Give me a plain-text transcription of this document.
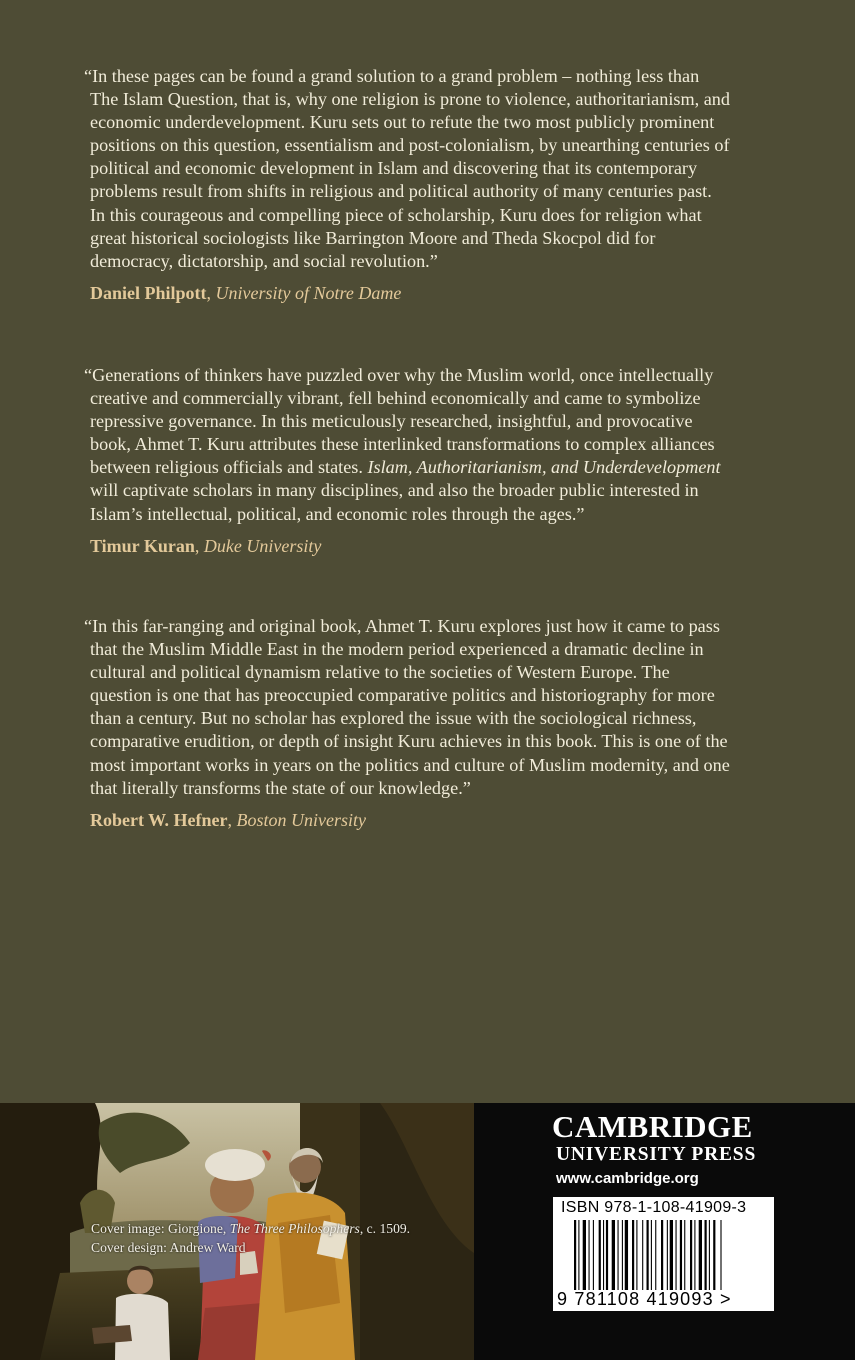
“In these pages can be found a grand solution to a grand problem – nothing less than The Islam Question, that is, why one religion is prone to violence, authoritarianism, and economic underdevelopment. Kuru sets out to refute the two most publicly prominent positions on this question, essentialism and post-colonialism, by unearthing centuries of political and economic development in Islam and discovering that its contemporary problems result from shifts in religious and political authority of many centuries past. In this courageous and compelling piece of scholarship, Kuru does for religion what great historical sociologists like Barrington Moore and Theda Skocpol did for democracy, dictatorship, and social revolution.”

Daniel Philpott, University of Notre Dame

“Generations of thinkers have puzzled over why the Muslim world, once intellectually creative and commercially vibrant, fell behind economically and came to symbolize repressive governance. In this meticulously researched, insightful, and provocative book, Ahmet T. Kuru attributes these interlinked transformations to complex alliances between religious officials and states. Islam, Authoritarianism, and Underdevelopment will captivate scholars in many disciplines, and also the broader public interested in Islam’s intellectual, political, and economic roles through the ages.”

Timur Kuran, Duke University

“In this far-ranging and original book, Ahmet T. Kuru explores just how it came to pass that the Muslim Middle East in the modern period experienced a dramatic decline in cultural and political dynamism relative to the societies of Western Europe. The question is one that has preoccupied comparative politics and historiography for more than a century. But no scholar has explored the issue with the sociological richness, comparative erudition, or depth of insight Kuru achieves in this book. This is one of the most important works in years on the politics and culture of Muslim modernity, and one that literally transforms the state of our knowledge.”

Robert W. Hefner, Boston University
Cover image: Giorgione, The Three Philosophers, c. 1509.
Cover design: Andrew Ward
CAMBRIDGE
UNIVERSITY PRESS
www.cambridge.org
ISBN 978-1-108-41909-3
9 781108 419093 >
